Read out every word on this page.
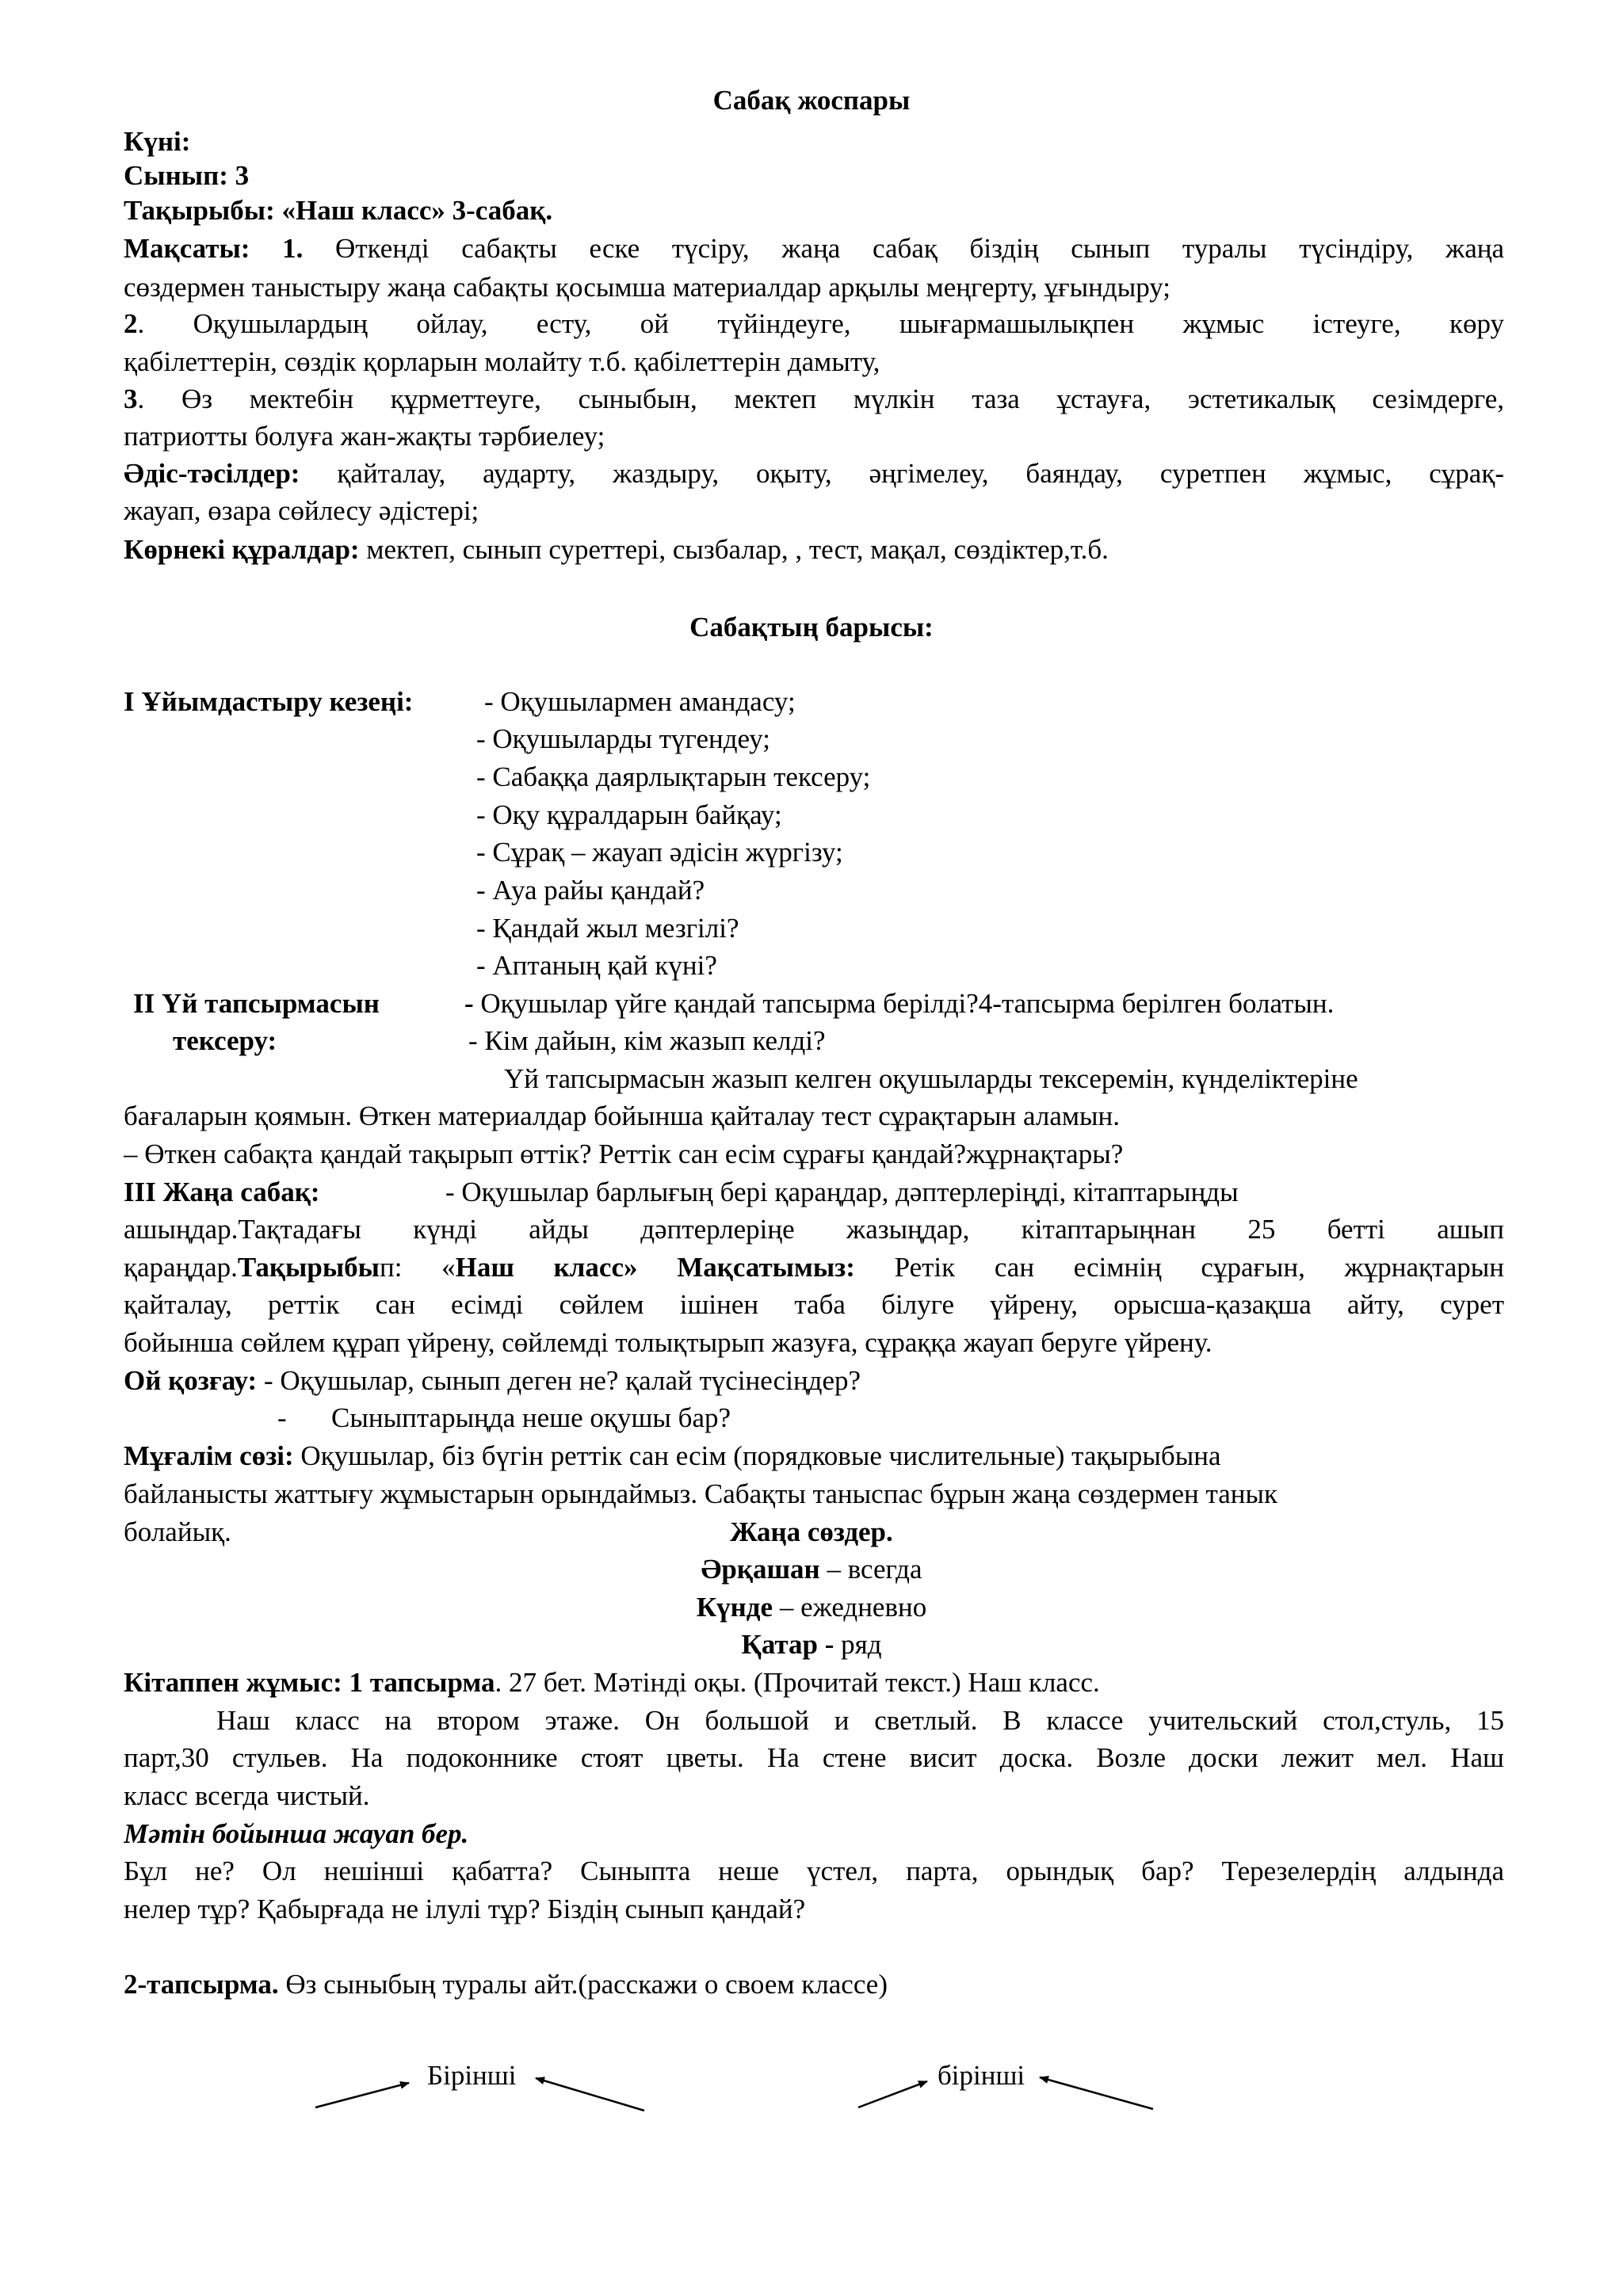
Сабақ жоспары
Күні:
Сынып: 3
Тақырыбы: «Наш класс» 3-сабақ.
Мақсаты: 1. Өткенді сабақты еске түсіру, жаңа сабақ біздің сынып туралы түсіндіру, жаңа
сөздермен таныстыру жаңа сабақты қосымша материалдар арқылы меңгерту, ұғындыру;
2. Оқушылардың ойлау, есту, ой түйіндеуге, шығармашылықпен жұмыс істеуге, көру
қабілеттерін, сөздік қорларын молайту т.б. қабілеттерін дамыту,
3. Өз мектебін құрметтеуге, сыныбын, мектеп мүлкін таза ұстауға, эстетикалық сезімдерге,
патриотты болуға жан-жақты тәрбиелеу;
Әдіс-тәсілдер: қайталау, аударту, жаздыру, оқыту, әңгімелеу, баяндау, суретпен жұмыс, сұрақ-
жауап, өзара сөйлесу әдістері;
Көрнекі құралдар: мектеп, сынып суреттері, сызбалар, , тест, мақал, сөздіктер,т.б.
Сабақтың барысы:
І Ұйымдастыру кезеңі:	- Оқушылармен амандасу;
- Оқушыларды түгендеу;
- Сабаққа даярлықтарын тексеру;
- Оқу құралдарын байқау;
- Сұрақ – жауап әдісін жүргізу;
- Ауа райы қандай?
- Қандай жыл мезгілі?
- Аптаның қай күні?
ІІ Үй тапсырмасын	- Оқушылар үйге қандай тапсырма берілді?4-тапсырма берілген болатын.
тексеру:	- Кім дайын, кім жазып келді?
Үй тапсырмасын жазып келген оқушыларды тексеремін, күнделіктеріне
бағаларын қоямын. Өткен материалдар бойынша қайталау тест сұрақтарын аламын.
– Өткен сабақта қандай тақырып өттік? Реттік сан есім сұрағы қандай?жұрнақтары?
ІІІ Жаңа сабақ:	- Оқушылар барлығың бері қараңдар, дәптерлеріңді, кітаптарыңды
ашыңдар.Тақтадағы күнді айды дәптерлеріңе жазыңдар, кітаптарыңнан 25 бетті ашып
қараңдар.Тақырыбып: «Наш класс» Мақсатымыз: Ретік сан есімнің сұрағын, жұрнақтарын
қайталау, реттік сан есімді сөйлем ішінен таба білуге үйрену, орысша-қазақша айту, сурет
бойынша сөйлем құрап үйрену, сөйлемді толықтырып жазуға, сұраққа жауап беруге үйрену.
Ой қозғау: - Оқушылар, сынып деген не? қалай түсінесіңдер?
-	Сыныптарыңда неше оқушы бар?
Мұғалім сөзі: Оқушылар, біз бүгін реттік сан есім (порядковые числительные) тақырыбына
байланысты жаттығу жұмыстарын орындаймыз. Сабақты таныспас бұрын жаңа сөздермен танык
болайық.	Жаңа сөздер.
Әрқашан – всегда
Күнде – ежедневно
Қатар - ряд
Кітаппен жұмыс: 1 тапсырма. 27 бет. Мәтінді оқы. (Прочитай текст.) Наш класс.
Наш класс на втором этаже. Он большой и светлый. В классе учительский стол,стуль, 15
парт,30 стульев. На подоконнике стоят цветы. На стене висит доска. Возле доски лежит мел. Наш
класс всегда чистый.
Мәтін бойынша жауап бер.
Бұл не? Ол нешінші қабатта? Сыныпта неше үстел, парта, орындық бар? Терезелердің алдында
нелер тұр? Қабырғада не ілулі тұр? Біздің сынып қандай?
2-тапсырма. Өз сыныбың туралы айт.(расскажи о своем классе)
Бірінші	бірінші
